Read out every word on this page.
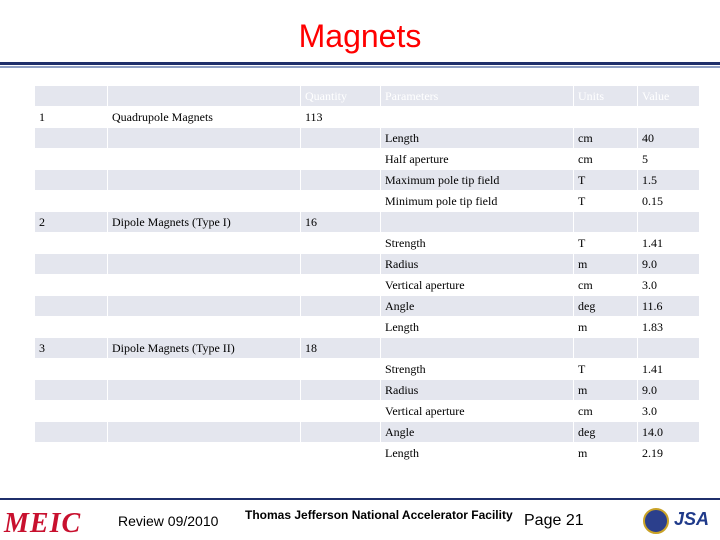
Magnets
		Quantity	Parameters	Units	Value
1	Quadrupole Magnets	113			
			Length	cm	40
			Half aperture	cm	5
			Maximum pole tip field	T	1.5
			Minimum pole tip field	T	0.15
2	Dipole Magnets (Type I)	16			
			Strength	T	1.41
			Radius	m	9.0
			Vertical aperture	cm	3.0
			Angle	deg	11.6
			Length	m	1.83
3	Dipole Magnets (Type II)	18			
			Strength	T	1.41
			Radius	m	9.0
			Vertical aperture	cm	3.0
			Angle	deg	14.0
			Length	m	2.19
MEIC	Review 09/2010 Thomas Jefferson National Accelerator Facility Page 21	JSA
